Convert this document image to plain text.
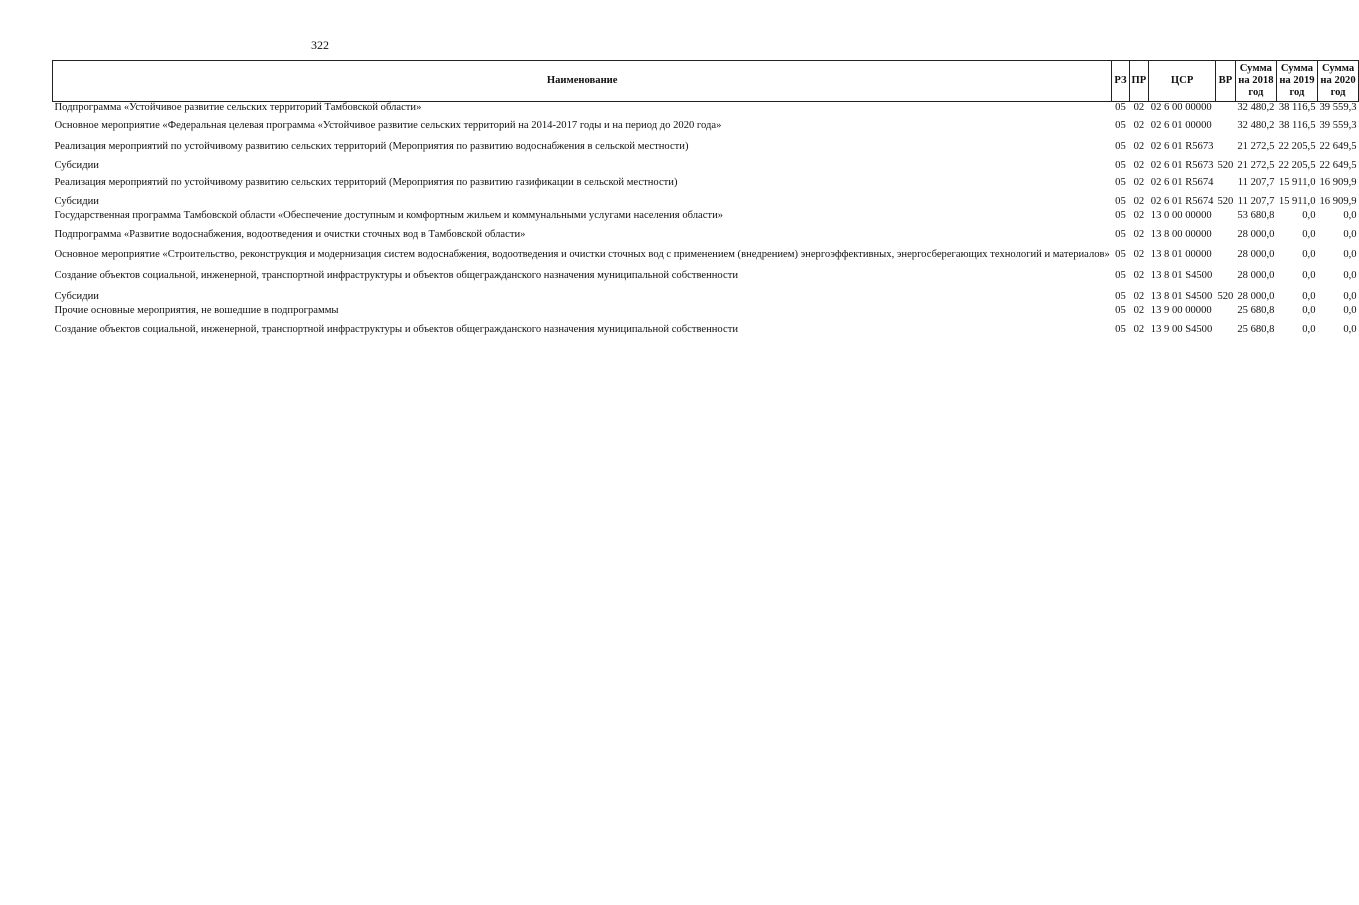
322
Наименование	РЗ	ПР	ЦСР	ВР	Сумма на 2018 год	Сумма на 2019 год	Сумма на 2020 год
Подпрограмма «Устойчивое развитие сельских территорий Тамбовской области»	05	02	02 6 00 00000		32 480,2	38 116,5	39 559,3
Основное мероприятие «Федеральная целевая программа «Устойчивое развитие сельских территорий на 2014-2017 годы и на период до 2020 года»	05	02	02 6 01 00000		32 480,2	38 116,5	39 559,3
Реализация мероприятий по устойчивому развитию сельских территорий (Мероприятия по развитию водоснабжения в сельской местности)	05	02	02 6 01 R5673		21 272,5	22 205,5	22 649,5
Субсидии	05	02	02 6 01 R5673	520	21 272,5	22 205,5	22 649,5
Реализация мероприятий по устойчивому развитию сельских территорий (Мероприятия по развитию газификации в сельской местности)	05	02	02 6 01 R5674		11 207,7	15 911,0	16 909,9
Субсидии	05	02	02 6 01 R5674	520	11 207,7	15 911,0	16 909,9
Государственная программа Тамбовской области «Обеспечение доступным и комфортным жильем и коммунальными услугами населения области»	05	02	13 0 00 00000		53 680,8	0,0	0,0
Подпрограмма «Развитие водоснабжения, водоотведения и очистки сточных вод в Тамбовской области»	05	02	13 8 00 00000		28 000,0	0,0	0,0
Основное мероприятие «Строительство, реконструкция и модернизация систем водоснабжения, водоотведения и очистки сточных вод с применением (внедрением) энергоэффективных, энергосберегающих технологий и материалов»	05	02	13 8 01 00000		28 000,0	0,0	0,0
Создание объектов социальной, инженерной, транспортной инфраструктуры и объектов общегражданского назначения муниципальной собственности	05	02	13 8 01 S4500		28 000,0	0,0	0,0
Субсидии	05	02	13 8 01 S4500	520	28 000,0	0,0	0,0
Прочие основные мероприятия, не вошедшие в подпрограммы	05	02	13 9 00 00000		25 680,8	0,0	0,0
Создание объектов социальной, инженерной, транспортной инфраструктуры и объектов общегражданского назначения муниципальной собственности	05	02	13 9 00 S4500		25 680,8	0,0	0,0
